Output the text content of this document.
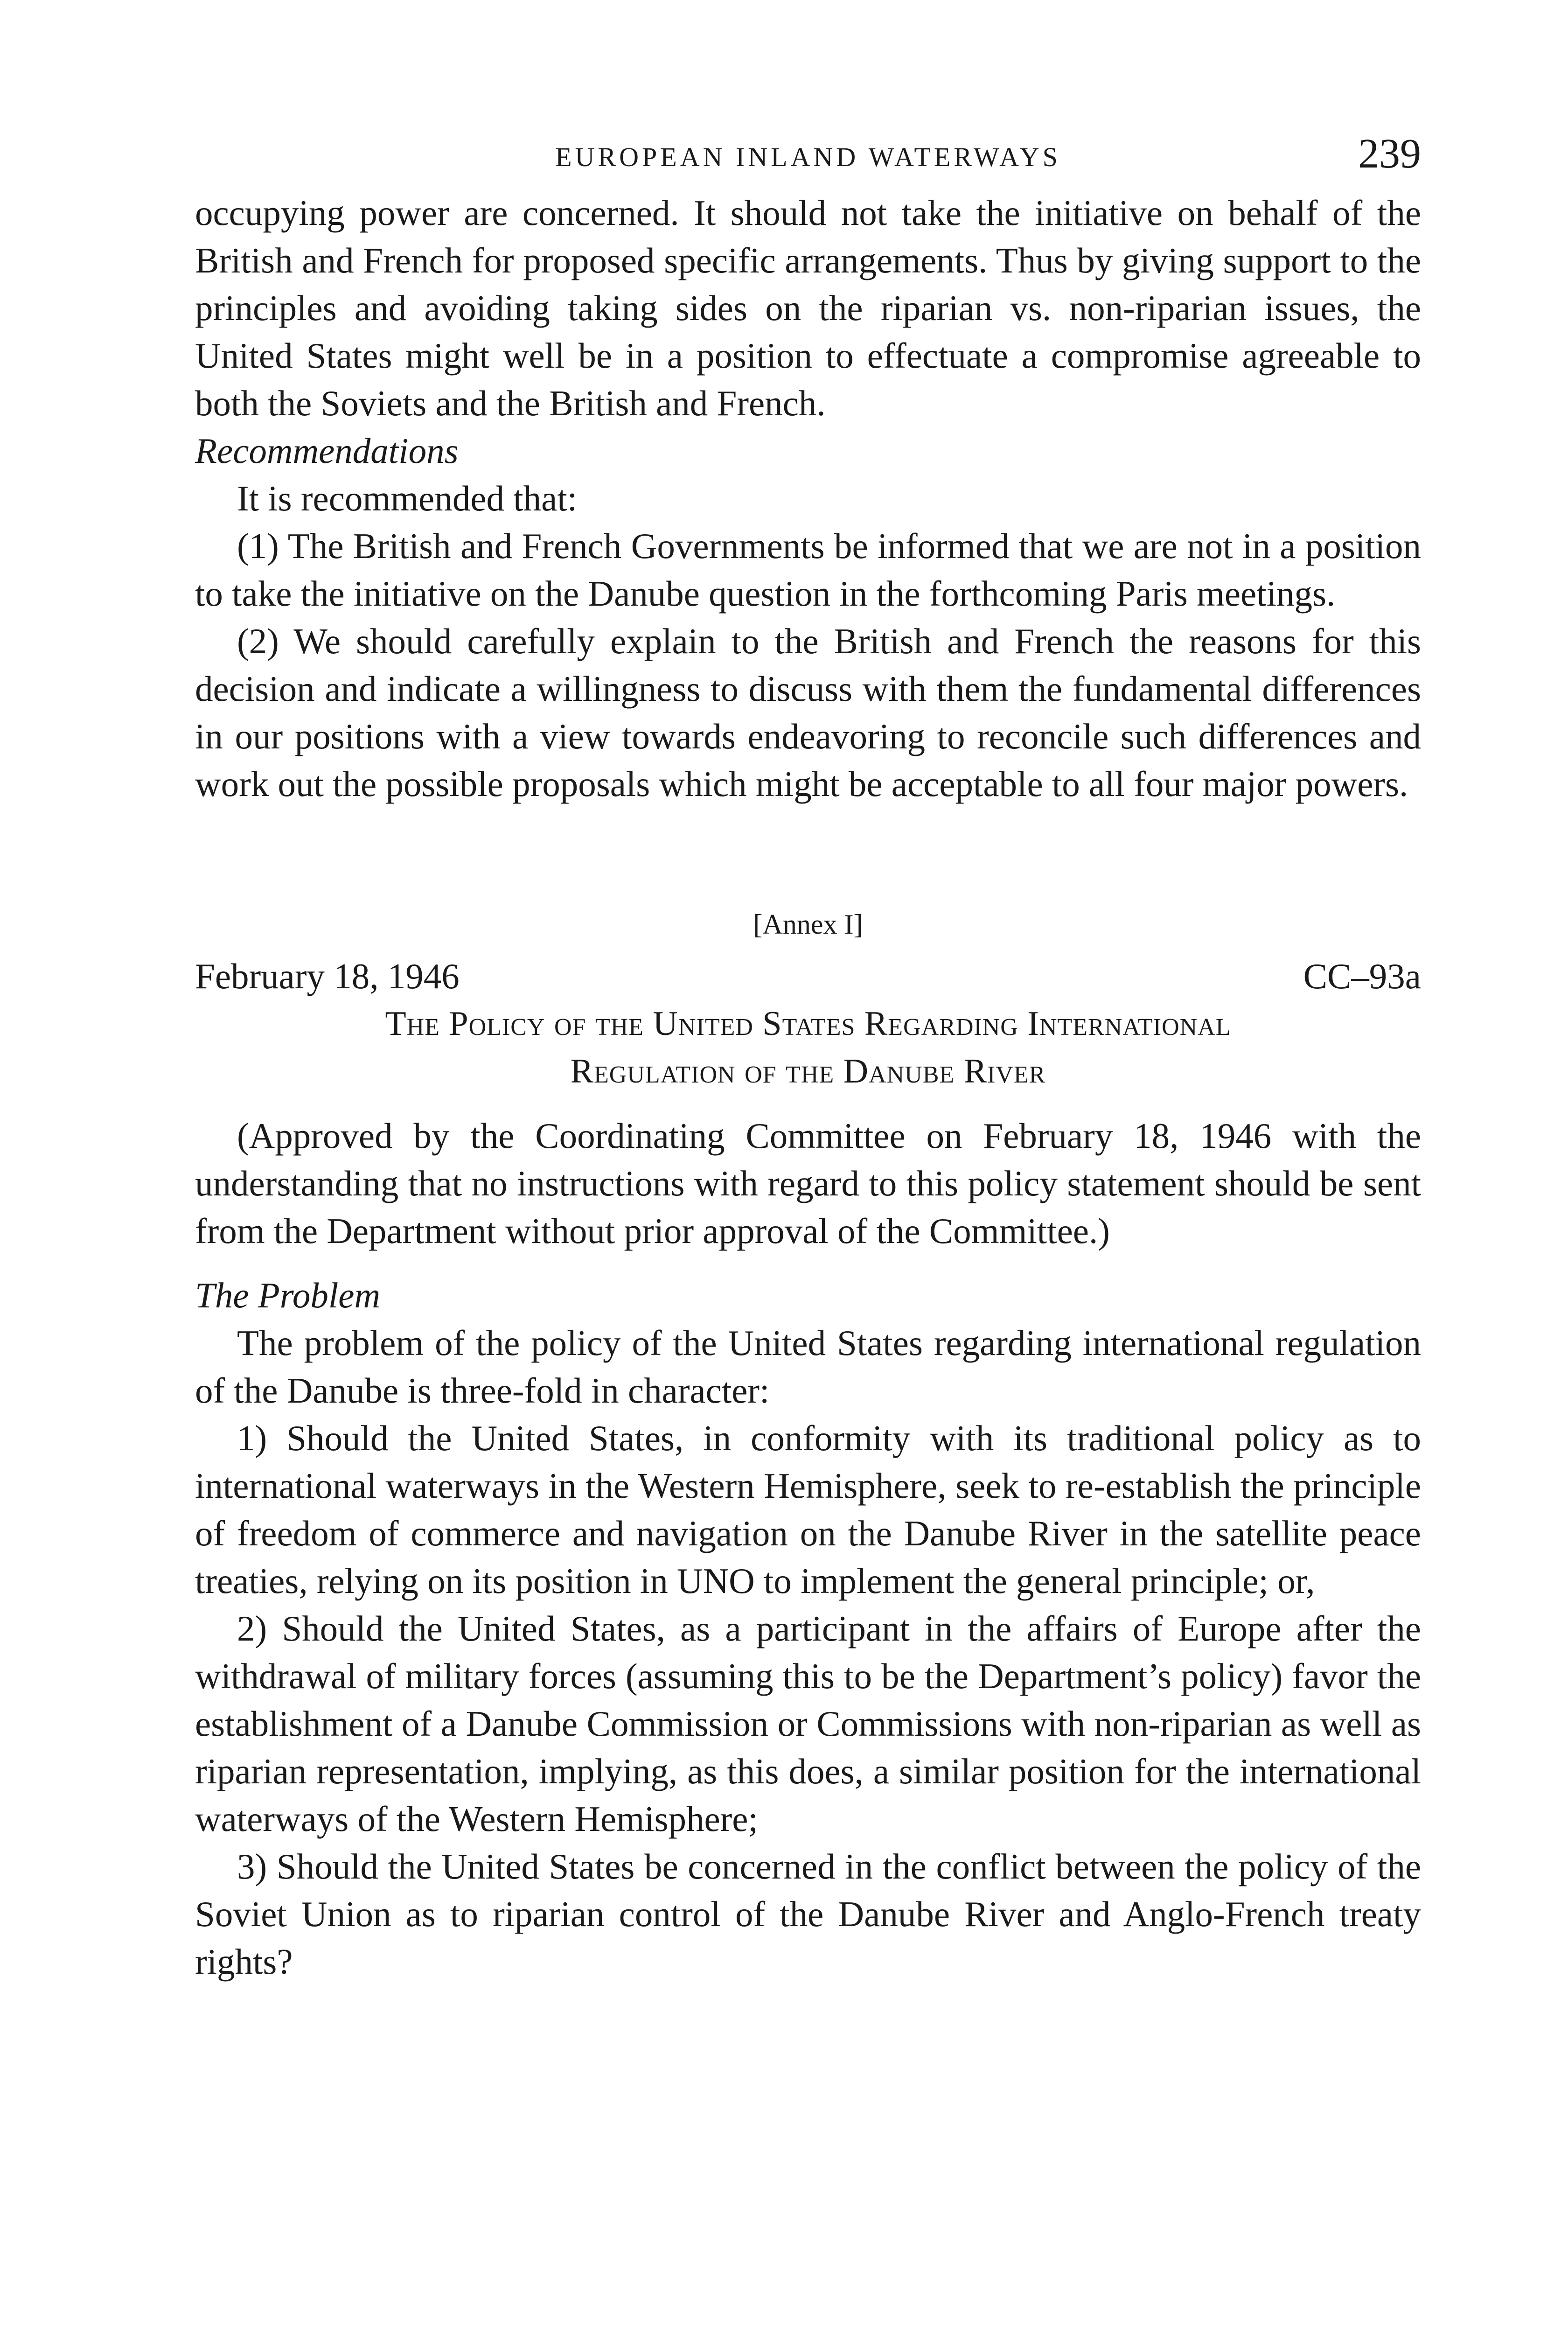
EUROPEAN INLAND WATERWAYS	239

occupying power are concerned. It should not take the initiative on behalf of the British and French for proposed specific arrangements. Thus by giving support to the principles and avoiding taking sides on the riparian vs. non-riparian issues, the United States might well be in a position to effectuate a compromise agreeable to both the Soviets and the British and French.

Recommendations

It is recommended that:

(1) The British and French Governments be informed that we are not in a position to take the initiative on the Danube question in the forthcoming Paris meetings.

(2) We should carefully explain to the British and French the reasons for this decision and indicate a willingness to discuss with them the fundamental differences in our positions with a view towards endeavoring to reconcile such differences and work out the possible proposals which might be acceptable to all four major powers.

[Annex I]

February 18, 1946	CC–93a

The Policy of the United States Regarding International

Regulation of the Danube River

(Approved by the Coordinating Committee on February 18, 1946 with the understanding that no instructions with regard to this policy statement should be sent from the Department without prior approval of the Committee.)

The Problem

The problem of the policy of the United States regarding international regulation of the Danube is three-fold in character:

1) Should the United States, in conformity with its traditional policy as to international waterways in the Western Hemisphere, seek to re-establish the principle of freedom of commerce and navigation on the Danube River in the satellite peace treaties, relying on its position in UNO to implement the general principle; or,

2) Should the United States, as a participant in the affairs of Europe after the withdrawal of military forces (assuming this to be the Department’s policy) favor the establishment of a Danube Commission or Commissions with non-riparian as well as riparian representation, implying, as this does, a similar position for the international waterways of the Western Hemisphere;

3) Should the United States be concerned in the conflict between the policy of the Soviet Union as to riparian control of the Danube River and Anglo-French treaty rights?
